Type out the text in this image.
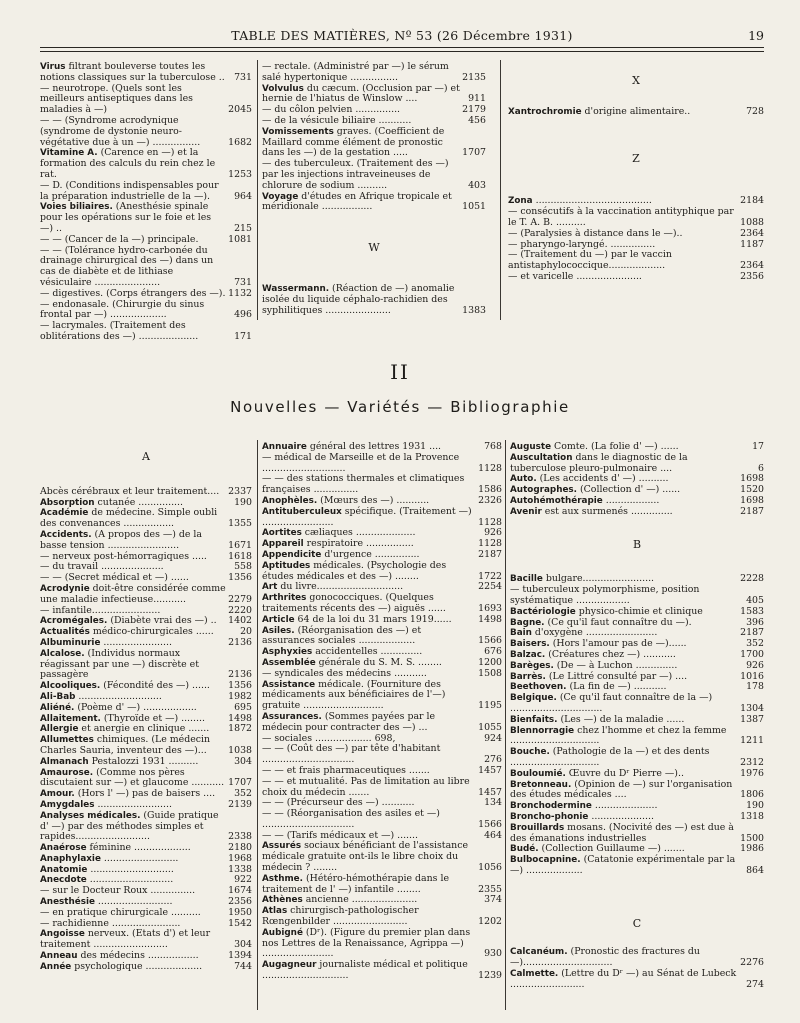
TABLE DES MATIÈRES, Nº 53 (26 Décembre 1931)	19
Virus filtrant bouleverse toutes les notions classiques sur la tuberculose .. 731
— neurotrope. (Quels sont les meilleurs antiseptiques dans les maladies à —)	2045
— — (Syndrome acrodynique (syndrome de dystonie neuro-végétative due à un —) ................	1682
Vitamine A. (Carence en —) et la formation des calculs du rein chez le rat.	1253
— D. (Conditions indispensables pour la préparation industrielle de la —).	964
Voies biliaires. (Anesthésie spinale pour les opérations sur le foie et les —) ..	215
— — (Cancer de la —) principale.	1081
— — (Tolérance hydro-carbonée du drainage chirurgical des —) dans un cas de diabète et de lithiase vésiculaire ......................	731
— digestives. (Corps étrangers des —). 1132
— endonasale. (Chirurgie du sinus frontal par —) ...................	496
— lacrymales. (Traitement des oblitérations des —) ....................	171
— rectale. (Administré par —) le sérum salé hypertonique ................	2135
Volvulus du cæcum. (Occlusion par —) et hernie de l'hiatus de Winslow ....	911
— du côlon pelvien ...............	2179
— de la vésicule biliaire ...........	456
Vomissements graves. (Coefficient de Maillard comme élément de pronostic dans les —) de la gestation .....	1707
— des tuberculeux. (Traitement des —) par les injections intraveineuses de chlorure de sodium ..........	403
Voyage d'études en Afrique tropicale et méridionale .................	1051
W
Wassermann. (Réaction de —) anomalie isolée du liquide céphalo-rachidien des syphilitiques ......................	1383
X
Xantrochromie d'origine alimentaire..	728
Z
Zona .......................................	2184
— consécutifs à la vaccination antityphique par le T. A. B. ..........	1088
— (Paralysies à distance dans le —)..	2364
— pharyngo-laryngé. ...............	1187
— (Traitement du —) par le vaccin antistaphylococcique...................	2364
— et varicelle ......................	2356
II
Nouvelles — Variétés — Bibliographie
A
Abcès cérébraux et leur traitement.... 2337
Absorption cutanée ...............	190
Académie de médecine. Simple oubli des convenances .................	1355
Accidents. (A propos des —) de la basse tension ........................	1671
— nerveux post-hémorragiques .....	1618
— du travail .....................	558
— — (Secret médical et —) ......	1356
Acrodynie doit-être considérée comme une maladie infectieuse...........	2279
— infantile.......................	2220
Acromégales. (Diabète vrai des —) ..	1402
Actualités médico-chirurgicales ......	20
Albuminurie .......................	2136
Alcalose. (Individus normaux réagissant par une —) discrète et passagère	2136
Alcooliques. (Fécondité des —) ......	1356
Ali-Bab ............................	1982
Aliéné. (Poème d' —) ..................	695
Allaitement. (Thyroïde et —) ........	1498
Allergie et anergie en clinique .......	1872
Allumettes chimiques. (Le médecin Charles Sauria, inventeur des —)...	1038
Almanach Pestalozzi 1931 ..........	304
Amaurose. (Comme nos pères discutaient sur —) et glaucome ........... 1707
Amour. (Hors l' —) pas de baisers ....	352
Amygdales .........................	2139
Analyses médicales. (Guide pratique d' —) par des méthodes simples et rapides.........................	2338
Anaérose féminine ...................	2180
Anaphylaxie .........................	1968
Anatomie ............................	1338
Anecdote ............................	922
— sur le Docteur Roux ...............	1674
Anesthésie .........................	2356
— en pratique chirurgicale ..........	1950
— rachidienne .......................	1542
Angoisse nerveux. (Etats d') et leur traitement .........................	304
Anneau des médecins .................	1394
Année psychologique ...................	744
Annuaire général des lettres 1931 ....	768
— médical de Marseille et de la Provence ............................	1128
— — des stations thermales et climatiques françaises ...............	1586
Anophèles. (Mœurs des —) ...........	2326
Antituberculeux spécifique. (Traitement —) ........................	1128
Aortites cæliaques ....................	926
Appareil respiratoire ................	1128
Appendicite d'urgence ...............	2187
Aptitudes médicales. (Psychologie des études médicales et des —) ........	1722
Art du livre.............................	2254
Arthrites gonococciques. (Quelques traitements récents des —) aiguës ......	1693
Article 64 de la loi du 31 mars 1919......	1498
Asiles. (Réorganisation des —) et assurances sociales ...................	1566
Asphyxies accidentelles ..............	676
Assemblée générale du S. M. S. ........	1200
— syndicales des médecins ...........	1508
Assistance médicale. (Fourniture des médicaments aux bénéficiaires de l'—) gratuite ...........................	1195
Assurances. (Sommes payées par le médecin pour contracter des —) ...	1055
— sociales ................... 698,	924
— — (Coût des —) par tête d'habitant ...............................	276
— — et frais pharmaceutiques .......	1457
— — et mutualité. Pas de limitation au libre choix du médecin .......	1457
— — (Précurseur des —) ...........	134
— — (Réorganisation des asiles et —) ...............................	1566
— — (Tarifs médicaux et —) .......	464
Assurés sociaux bénéficiant de l'assistance médicale gratuite ont-ils le libre choix du médecin ? ........	1056
Asthme. (Hétéro-hémothérapie dans le traitement de l' —) infantile ........	2355
Athènes ancienne ......................	374
Atlas chirurgisch-pathologischer Rœngenbilder .........................	1202
Aubigné (Dʳ). (Figure du premier plan dans nos Lettres de la Renaissance, Agrippa —) ........................	930
Augagneur journaliste médical et politique .............................	1239
Auguste Comte. (La folie d' —) ......	17
Auscultation dans le diagnostic de la tuberculose pleuro-pulmonaire ....	6
Auto. (Les accidents d' —) ..........	1698
Autographes. (Collection d' —) ......	1520
Autohémothérapie ..................	1698
Avenir est aux surmenés ..............	2187
B
Bacille bulgare........................	2228
— tuberculeux polymorphisme, position systématique ..................	405
Bactériologie physico-chimie et clinique	1583
Bagne. (Ce qu'il faut connaître du —).	396
Bain d'oxygène ........................	2187
Baisers. (Hors l'amour pas de —)......	352
Balzac. (Créatures chez —) ...........	1700
Barèges. (De — à Luchon ..............	926
Barrès. (Le Littré consulté par —) ....	1016
Beethoven. (La fin de —) ...........	178
Belgique. (Ce qu'il faut connaître de la —) ...............................	1304
Bienfaits. (Les —) de la maladie ......	1387
Blennorragie chez l'homme et chez la femme ..............................	1211
Bouche. (Pathologie de la —) et des dents ..............................	2312
Bouloumié. Œuvre du Dʳ Pierre —)..	1976
Bretonneau. (Opinion de —) sur l'organisation des études médicales ....	1806
Bronchodermine .....................	190
Broncho-phonie .....................	1318
Brouillards mosans. (Nocivité des —) est due à des émanations industrielles	1500
Budé. (Collection Guillaume —) .......	1986
Bulbocapnine. (Catatonie expérimentale par la —) ...................	864
C
Calcanéum. (Pronostic des fractures du —)..............................	2276
Calmette. (Lettre du Dʳ —) au Sénat de Lubeck .........................	274
